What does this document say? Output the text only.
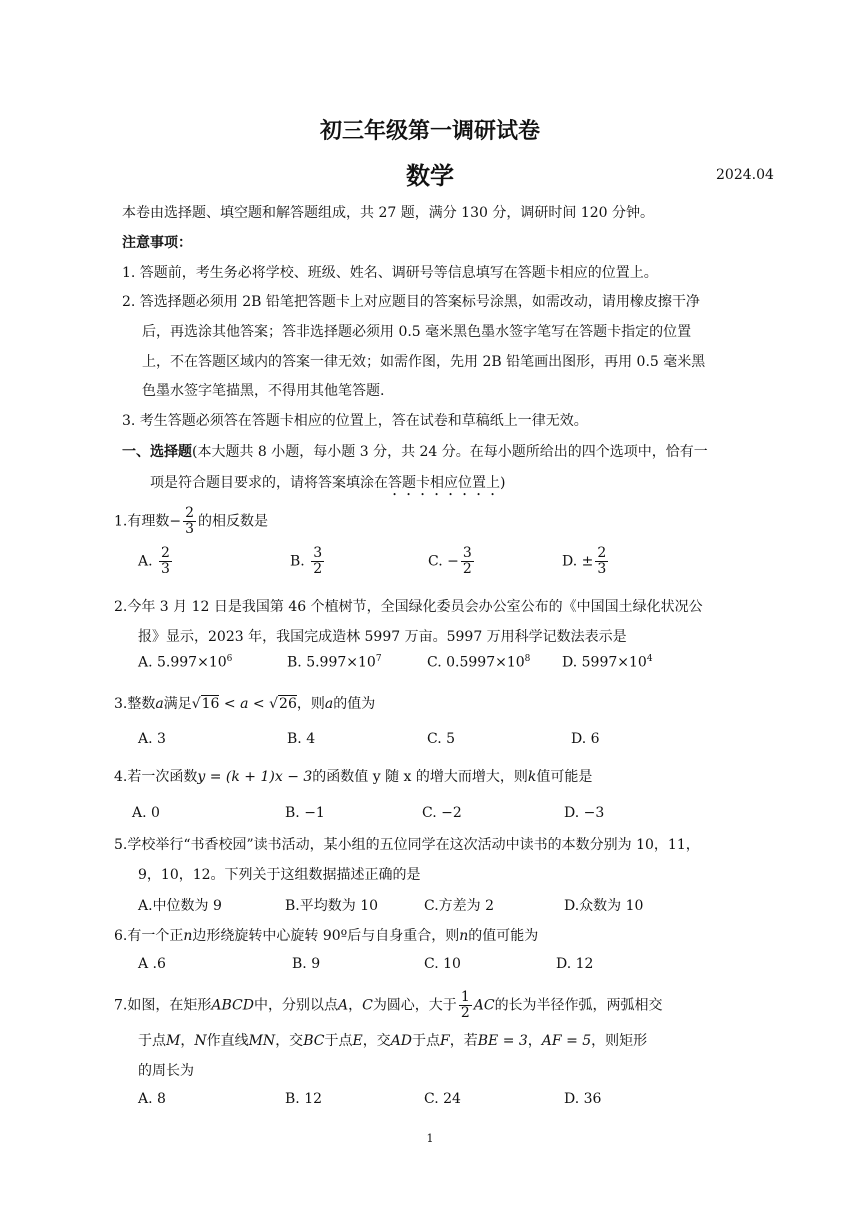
初三年级第一调研试卷
数学	2024.04
本卷由选择题、填空题和解答题组成，共 27 题，满分 130 分，调研时间 120 分钟。
注意事项：
1. 答题前，考生务必将学校、班级、姓名、调研号等信息填写在答题卡相应的位置上。
2. 答选择题必须用 2B 铅笔把答题卡上对应题目的答案标号涂黑，如需改动，请用橡皮擦干净
后，再选涂其他答案；答非选择题必须用 0.5 毫米黑色墨水签字笔写在答题卡指定的位置
上，不在答题区域内的答案一律无效；如需作图，先用 2B 铅笔画出图形，再用 0.5 毫米黑
色墨水签字笔描黑，不得用其他笔答题.
3. 考生答题必须答在答题卡相应的位置上，答在试卷和草稿纸上一律无效。
一、选择题(本大题共 8 小题，每小题 3 分，共 24 分。在每小题所给出的四个选项中，恰有一
项是符合题目要求的，请将答案填涂在答题卡相应位置上)
1.有理数− $\frac{2}{3}$ 的相反数是
A. $\frac{2}{3}$	B. $\frac{3}{2}$	C. − $\frac{3}{2}$	D. ± $\frac{2}{3}$
2.今年 3 月 12 日是我国第 46 个植树节，全国绿化委员会办公室公布的《中国国土绿化状况公
报》显示，2023 年，我国完成造林 5997 万亩。5997 万用科学记数法表示是
A. $5.997\times 10^6$	B. $5.997\times 10^7$	C. $0.5997\times 10^8$ D. $5997\times 10^4$
3.整数a满足√16 < a < √26，则a的值为
A. 3	B. 4	C. 5	D. 6
4.若一次函数y = (k + 1)x − 3的函数值 y 随 x 的增大而增大，则k值可能是
A. 0	B. −1	C. −2	D. −3
5.学校举行“书香校园”读书活动，某小组的五位同学在这次活动中读书的本数分别为 10，11，
9，10，12。下列关于这组数据描述正确的是
A.中位数为 9	B.平均数为 10	C.方差为 2	D.众数为 10
6.有一个正n边形绕旋转中心旋转 90º后与自身重合，则n的值可能为
A .6	B. 9	C. 10	D. 12
7.如图，在矩形ABCD中，分别以点A，C为圆心，大于 $\frac{1}{2}$ AC的长为半径作弧，两弧相交
于点M，N作直线MN，交BC于点E，交AD于点F，若BE = 3，AF = 5，则矩形
的周长为
A. 8	B. 12	C. 24	D. 36
1
